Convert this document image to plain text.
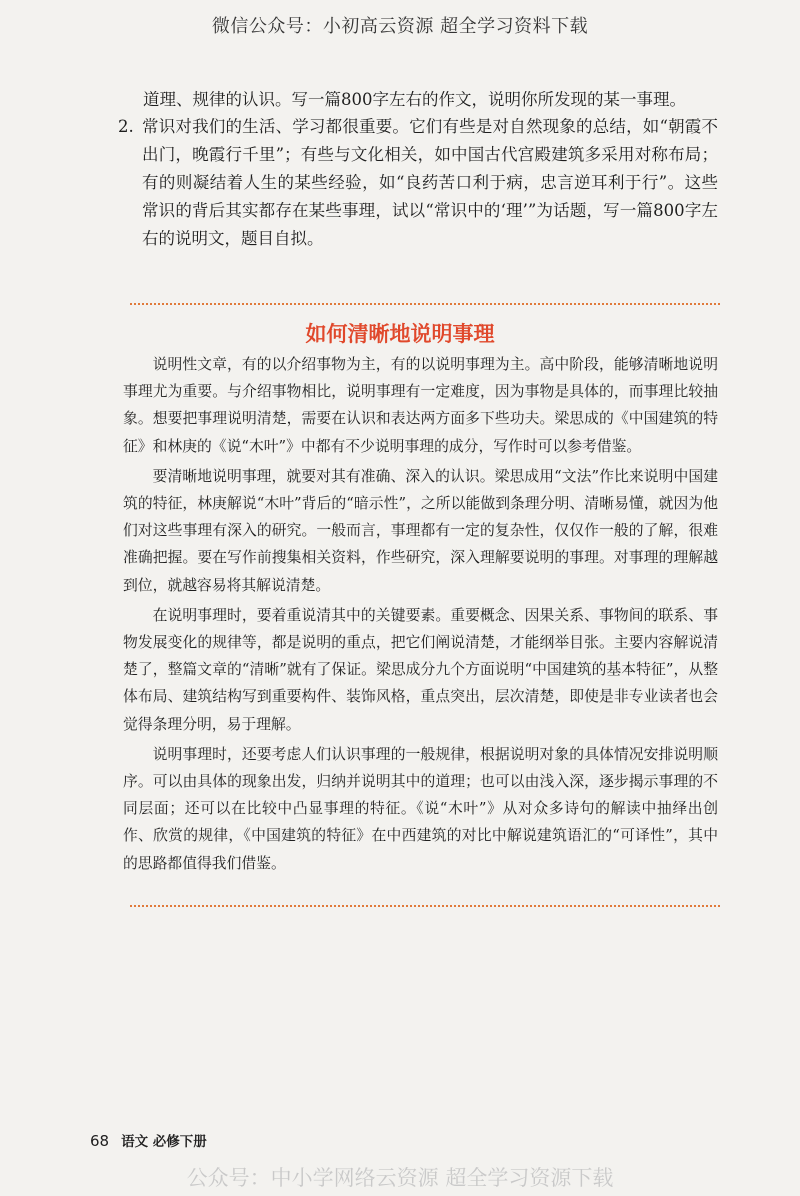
微信公众号：小初高云资源 超全学习资料下载
道理、规律的认识。写一篇800字左右的作文，说明你所发现的某一事理。
2. 常识对我们的生活、学习都很重要。它们有些是对自然现象的总结，如“朝霞不出门，晚霞行千里”；有些与文化相关，如中国古代宫殿建筑多采用对称布局；有的则凝结着人生的某些经验，如“良药苦口利于病，忠言逆耳利于行”。这些常识的背后其实都存在某些事理，试以“常识中的‘理’”为话题，写一篇800字左右的说明文，题目自拟。
如何清晰地说明事理

说明性文章，有的以介绍事物为主，有的以说明事理为主。高中阶段，能够清晰地说明事理尤为重要。与介绍事物相比，说明事理有一定难度，因为事物是具体的，而事理比较抽象。想要把事理说明清楚，需要在认识和表达两方面多下些功夫。梁思成的《中国建筑的特征》和林庚的《说“木叶”》中都有不少说明事理的成分，写作时可以参考借鉴。

要清晰地说明事理，就要对其有准确、深入的认识。梁思成用“文法”作比来说明中国建筑的特征，林庚解说“木叶”背后的“暗示性”，之所以能做到条理分明、清晰易懂，就因为他们对这些事理有深入的研究。一般而言，事理都有一定的复杂性，仅仅作一般的了解，很难准确把握。要在写作前搜集相关资料，作些研究，深入理解要说明的事理。对事理的理解越到位，就越容易将其解说清楚。

在说明事理时，要着重说清其中的关键要素。重要概念、因果关系、事物间的联系、事物发展变化的规律等，都是说明的重点，把它们阐说清楚，才能纲举目张。主要内容解说清楚了，整篇文章的“清晰”就有了保证。梁思成分九个方面说明“中国建筑的基本特征”，从整体布局、建筑结构写到重要构件、装饰风格，重点突出，层次清楚，即使是非专业读者也会觉得条理分明，易于理解。

说明事理时，还要考虑人们认识事理的一般规律，根据说明对象的具体情况安排说明顺序。可以由具体的现象出发，归纳并说明其中的道理；也可以由浅入深，逐步揭示事理的不同层面；还可以在比较中凸显事理的特征。《说“木叶”》从对众多诗句的解读中抽绎出创作、欣赏的规律，《中国建筑的特征》在中西建筑的对比中解说建筑语汇的“可译性”，其中的思路都值得我们借鉴。

68 语文 必修下册
公众号：中小学网络云资源 超全学习资源下载
